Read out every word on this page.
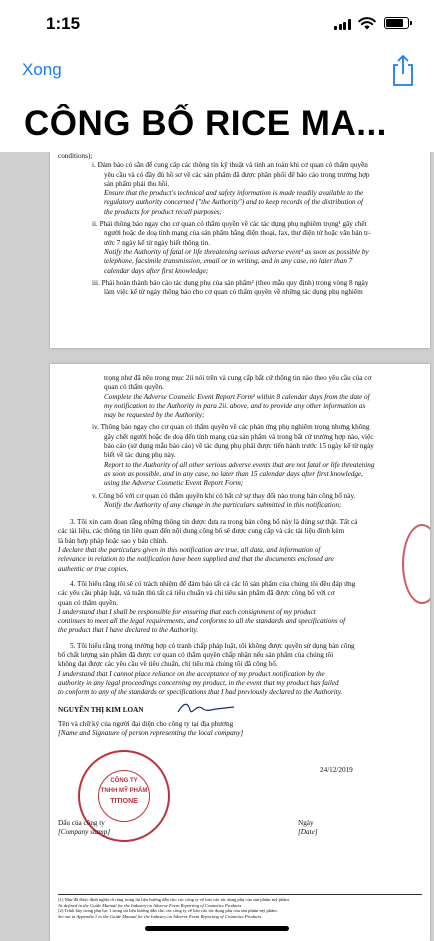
1:15
Xong
CÔNG BỐ RICE MA...
conditions);
i. Đảm bảo có sẵn để cung cấp các thông tin kỹ thuật và tính an toàn khi cơ quan có thẩm quyền
yêu cầu và có đầy đủ hồ sơ về các sản phẩm đã được phân phối để báo cáo trong trường hợp
sản phẩm phải thu hồi.
Ensure that the product's technical and safety information is made readily available to the
regulatory authority concerned ("the Authority") and to keep records of the distribution of
the products for product recall purposes;
ii. Phải thông báo ngay cho cơ quan có thẩm quyền về các tác dụng phụ nghiêm trọng¹ gây chết
người hoặc đe doạ tính mạng của sản phẩm bằng điện thoại, fax, thư điện tử hoặc văn bản tr-
ước 7 ngày kể từ ngày biết thông tin.
Notify the Authority of fatal or life threatening serious adverse event¹ as soon as possible by
telephone, facsimile transmission, email or in writing, and in any case, no later than 7
calendar days after first knowledge;
iii. Phải hoàn thành báo cáo tác dụng phụ của sản phẩm² (theo mẫu quy định) trong vòng 8 ngày
làm việc kể từ ngày thông báo cho cơ quan có thẩm quyền về những tác dụng phụ nghiêm
trọng như đã nêu trong mục 2ii nói trên và cung cấp bất cứ thông tin nào theo yêu cầu của cơ
quan có thẩm quyền.
Complete the Adverse Cosmetic Event Report Form² within 8 calendar days from the date of
my notification to the Authority in para 2ii. above, and to provide any other information as
may be requested by the Authority;
iv. Thông báo ngay cho cơ quan có thẩm quyền về các phản ứng phụ nghiêm trọng nhưng không
gây chết người hoặc đe doạ đến tính mạng của sản phẩm và trong bất cứ trường hợp nào, việc
báo cáo (sử dụng mẫu báo cáo) về tác dụng phụ phải được tiến hành trước 15 ngày kể từ ngày
biết về tác dụng phụ này.
Report to the Authority of all other serious adverse events that are not fatal or life threatening
as soon as possible, and in any case, no later than 15 calendar days after first knowledge,
using the Adverse Cosmetic Event Report Form;
v. Công bố với cơ quan có thẩm quyền khi có bất cứ sự thay đổi nào trong bản công bố này.
Notify the Authority of any change in the particulars submitted in this notification;
3. Tôi xin cam đoan rằng những thông tin được đưa ra trong bản công bố này là đúng sự thật. Tất cả
các tài liệu, các thông tin liên quan đến nội dung công bố sẽ được cung cấp và các tài liệu đính kèm
là bản hợp pháp hoặc sao y bản chính.
I declare that the particulars given in this notification are true, all data, and information of
relevance in relation to the notification have been supplied and that the documents enclosed are
authentic or true copies.
4. Tôi hiểu rằng tôi sẽ có trách nhiệm để đảm bảo tất cả các lô sản phẩm của chúng tôi đều đáp ứng
các yêu cầu pháp luật, và tuân thủ tất cả tiêu chuẩn và chỉ tiêu sản phẩm đã được công bố với cơ
quan có thẩm quyền.
I understand that I shall be responsible for ensuring that each consignment of my product
continues to meet all the legal requirements, and conforms to all the standards and specifications of
the product that I have declared to the Authority.
5. Tôi hiểu rằng trong trường hợp có tranh chấp pháp luật, tôi không được quyền sử dụng bản công
bố chất lượng sản phẩm đã được cơ quan có thẩm quyền chấp nhận nếu sản phẩm của chúng tôi
không đạt được các yêu cầu về tiêu chuẩn, chỉ tiêu mà chúng tôi đã công bố.
I understand that I cannot place reliance on the acceptance of my product notification by the
authority in any legal proceedings concerning my product, in the event that my product has failed
to conform to any of the standards or specifications that I had previously declared to the Authority.
NGUYỄN THỊ KIM LOAN
Tên và chữ ký của người đại diện cho công ty tại địa phương
[Name and Signature of person representing the local company]
CÔNG TY
TNHH MỸ PHẨM
TITIONE
24/12/2019
Dấu của công ty
[Company stamp]
Ngày
[Date]
(1) Như đã được định nghĩa rõ ràng trong tài liệu hướng dẫn cho các công ty về báo cáo tác dụng phụ của sản phẩm mỹ phẩm.
As defined in the Guide Manual for the Industry on Adverse Event Reporting of Cosmetics Products.
(2) Trình bày trong phụ lục 1 trong tài liệu hướng dẫn cho các công ty về báo cáo tác dụng phụ của sản phẩm mỹ phẩm.
Set out in Appendix 1 to the Guide Manual for the Industry on Adverse Event Reporting of Cosmetics Products.
